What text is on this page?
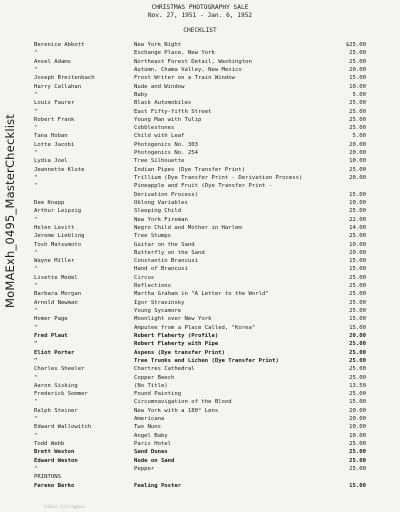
MoMAExh_0495_MasterChecklist
CHRISTMAS PHOTOGRAPHY SALE
Nov. 27, 1951 - Jan. 6, 1952
CHECKLIST
Berenice Abbott	New York Night	$25.00
"	Exchange Place, New York	25.00
Ansel Adams	Northeast Forest Detail, Washington	25.00
"	Autumn, Chama Valley, New Mexico	20.00
Joseph Breitenbach	Frost Writer on a Train Window	15.00
Harry Callahan	Nude and Window	10.00
"	Baby	5.00
Louis Faurer	Black Automobiles	25.00
"	East Fifty-fifth Street	25.00
Robert Frank	Young Man with Tulip	25.00
"	Cobblestones	25.00
Tana Hoban	Child with Leaf	5.00
Lotte Jacobi	Photogenics No. 303	20.00
"	Photogenics No. 254	20.00
Lydia Joel	Tree Silhouette	10.00
Jeannette Klute	Indian Pipes (Dye Transfer Print)	25.00
"	Trillium (Dye Transfer Print - Derivation Process)	20.00
"	Pineapple and Fruit (Dye Transfer Print -
Derivation Process)	15.00
Dee Knapp	Oblong Variables	10.00
Arthur Leipzig	Sleeping Child	25.00
"	New York Fireman	22.00
Helen Levitt	Negro Child and Mother in Harlem	14.00
Jerome Liebling	Tree Stumps	25.00
Tosh Matsumoto	Guitar on the Sand	10.00
"	Butterfly on the Sand	20.00
Wayne Miller	Constantin Brancusi	15.00
"	Hand of Brancusi	15.00
Lisette Model	Circus	25.00
"	Reflections	25.00
Barbara Morgan	Martha Graham in "A Letter to the World"	25.00
Arnold Newman	Igor Stravinsky	25.00
"	Young Sycamore	25.00
Homer Page	Moonlight over New York	15.00
"	Amputee from a Place Called, "Korea"	15.00
Fred Plaut	Robert Flaherty (Profile)	20.00
"	Robert Flaherty with Pipe	25.00
Eliot Porter	Aspens (Dye transfer Print)	25.00
"	Tree Trunks and Lichen (Dye Transfer Print)	25.00
Charles Sheeler	Chartres Cathedral	25.00
"	Copper Beech	25.00
Aaron Sisking	(No Title)	13.50
Frederick Sommer	Found Painting	25.00
"	Circumnavigation of the Blood	15.00
Ralph Steiner	New York with a 180° Lens	20.00
"	Americana	20.00
Edward Wallowitch	Two Nuns	10.00
"	Angel Baby	10.00
Todd Webb	Paris Hotel	25.00
Brett Weston	Sand Dunes	25.00
Edward Weston	Nude on Sand	25.00
"	Pepper	25.00
PRINTONS
Fereno Berko	Feeling Poster	15.00
Eddie Callaghan
